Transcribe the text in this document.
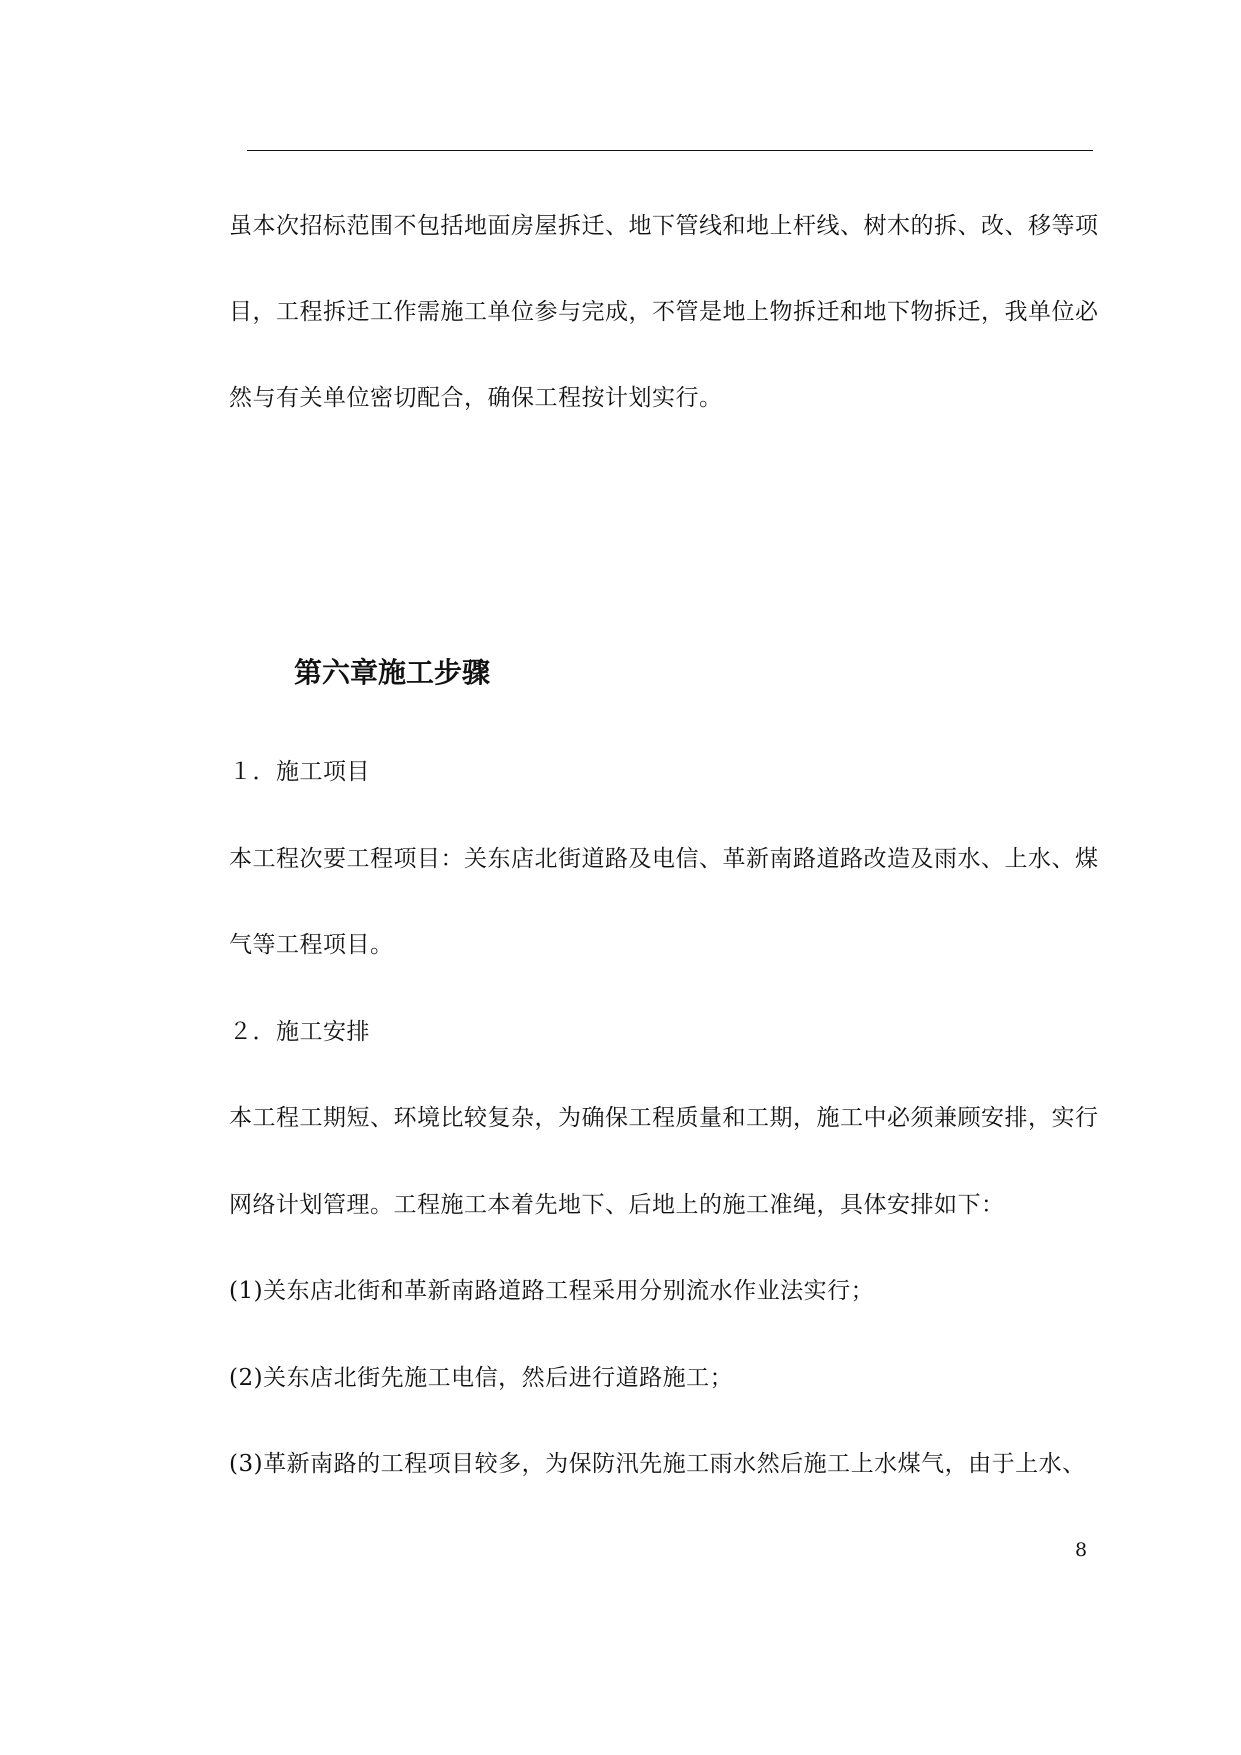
虽本次招标范围不包括地面房屋拆迁、地下管线和地上杆线、树木的拆、改、移等项
目，工程拆迁工作需施工单位参与完成，不管是地上物拆迁和地下物拆迁，我单位必
然与有关单位密切配合，确保工程按计划实行。
第六章施工步骤
１．施工项目
本工程次要工程项目：关东店北街道路及电信、革新南路道路改造及雨水、上水、煤
气等工程项目。
２．施工安排
本工程工期短、环境比较复杂，为确保工程质量和工期，施工中必须兼顾安排，实行
网络计划管理。工程施工本着先地下、后地上的施工准绳，具体安排如下：
(1)关东店北街和革新南路道路工程采用分别流水作业法实行；
(2)关东店北街先施工电信，然后进行道路施工；
(3)革新南路的工程项目较多，为保防汛先施工雨水然后施工上水煤气，由于上水、
8
